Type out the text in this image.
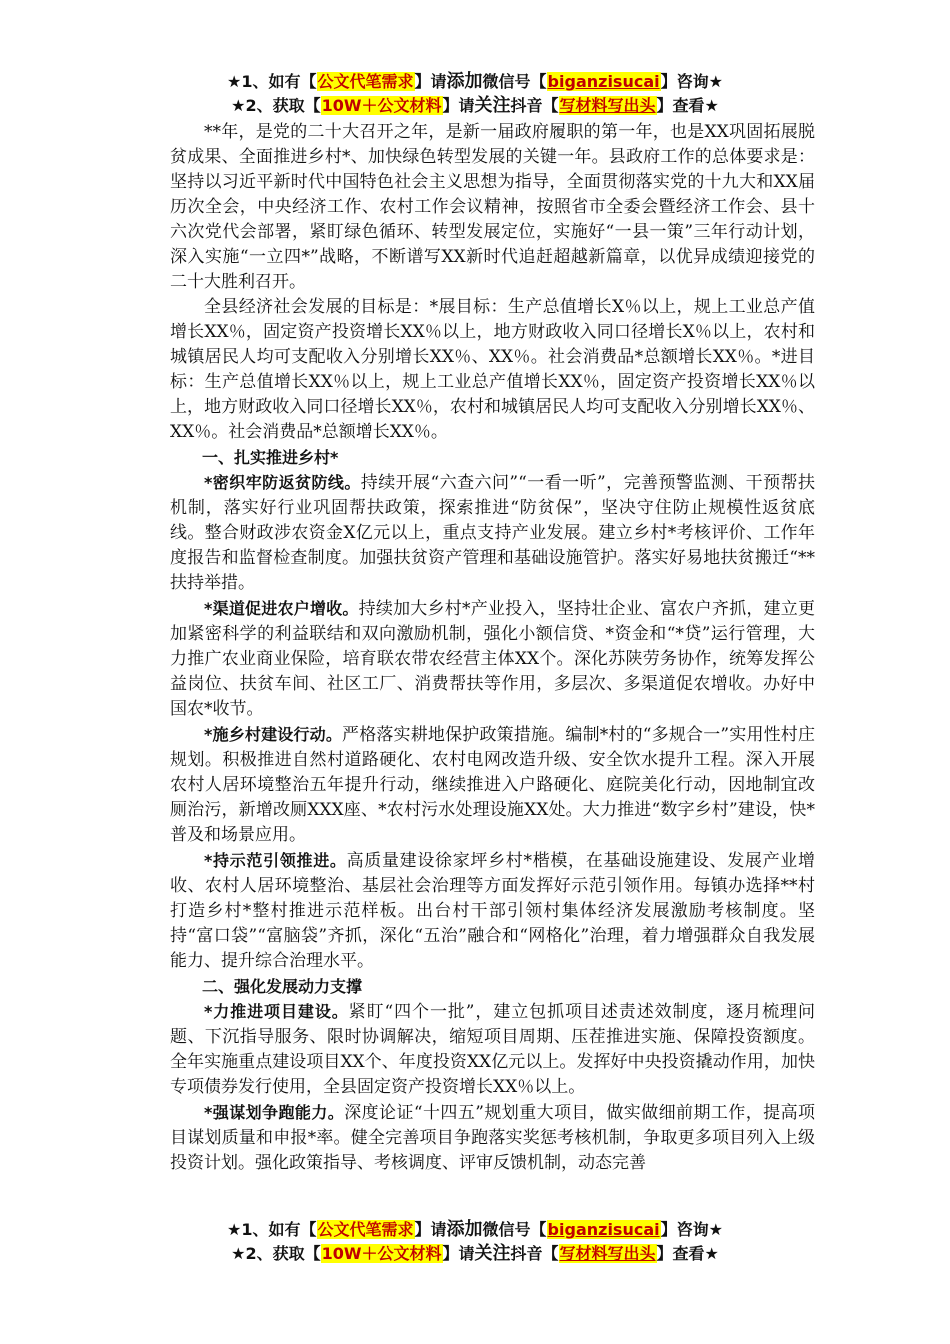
★1、如有【公文代笔需求】请添加微信号【biganzisucai】咨询★
★2、获取【10W＋公文材料】请关注抖音【写材料写出头】查看★

**年，是党的二十大召开之年，是新一届政府履职的第一年，也是XX巩固拓展脱贫成果、全面推进乡村*、加快绿色转型发展的关键一年。县政府工作的总体要求是：坚持以习近平新时代中国特色社会主义思想为指导，全面贯彻落实党的十九大和XX届历次全会，中央经济工作、农村工作会议精神，按照省市全委会暨经济工作会、县十六次党代会部署，紧盯绿色循环、转型发展定位，实施好“一县一策”三年行动计划，深入实施“一立四*”战略，不断谱写XX新时代追赶超越新篇章，以优异成绩迎接党的二十大胜利召开。

全县经济社会发展的目标是：*展目标：生产总值增长X％以上，规上工业总产值增长XX％，固定资产投资增长XX％以上，地方财政收入同口径增长X％以上，农村和城镇居民人均可支配收入分别增长XX％、XX％。社会消费品*总额增长XX％。*进目标：生产总值增长XX％以上，规上工业总产值增长XX％，固定资产投资增长XX％以上，地方财政收入同口径增长XX％，农村和城镇居民人均可支配收入分别增长XX％、XX％。社会消费品*总额增长XX％。

一、扎实推进乡村*

*密织牢防返贫防线。持续开展“六查六问”“一看一听”，完善预警监测、干预帮扶机制，落实好行业巩固帮扶政策，探索推进“防贫保”，坚决守住防止规模性返贫底线。整合财政涉农资金X亿元以上，重点支持产业发展。建立乡村*考核评价、工作年度报告和监督检查制度。加强扶贫资产管理和基础设施管护。落实好易地扶贫搬迁“**扶持举措。

*渠道促进农户增收。持续加大乡村*产业投入，坚持壮企业、富农户齐抓，建立更加紧密科学的利益联结和双向激励机制，强化小额信贷、*资金和“*贷”运行管理，大力推广农业商业保险，培育联农带农经营主体XX个。深化苏陕劳务协作，统筹发挥公益岗位、扶贫车间、社区工厂、消费帮扶等作用，多层次、多渠道促农增收。办好中国农*收节。

*施乡村建设行动。严格落实耕地保护政策措施。编制*村的“多规合一”实用性村庄规划。积极推进自然村道路硬化、农村电网改造升级、安全饮水提升工程。深入开展农村人居环境整治五年提升行动，继续推进入户路硬化、庭院美化行动，因地制宜改厕治污，新增改厕XXX座、*农村污水处理设施XX处。大力推进“数字乡村”建设，快*普及和场景应用。

*持示范引领推进。高质量建设徐家坪乡村*楷模，在基础设施建设、发展产业增收、农村人居环境整治、基层社会治理等方面发挥好示范引领作用。每镇办选择**村打造乡村*整村推进示范样板。出台村干部引领村集体经济发展激励考核制度。坚持“富口袋”“富脑袋”齐抓，深化“五治”融合和“网格化”治理，着力增强群众自我发展能力、提升综合治理水平。

二、强化发展动力支撑

*力推进项目建设。紧盯“四个一批”，建立包抓项目述责述效制度，逐月梳理问题、下沉指导服务、限时协调解决，缩短项目周期、压茬推进实施、保障投资额度。全年实施重点建设项目XX个、年度投资XX亿元以上。发挥好中央投资撬动作用，加快专项债券发行使用，全县固定资产投资增长XX％以上。

*强谋划争跑能力。深度论证“十四五”规划重大项目，做实做细前期工作，提高项目谋划质量和申报*率。健全完善项目争跑落实奖惩考核机制，争取更多项目列入上级投资计划。强化政策指导、考核调度、评审反馈机制，动态完善

★1、如有【公文代笔需求】请添加微信号【biganzisucai】咨询★
★2、获取【10W＋公文材料】请关注抖音【写材料写出头】查看★
